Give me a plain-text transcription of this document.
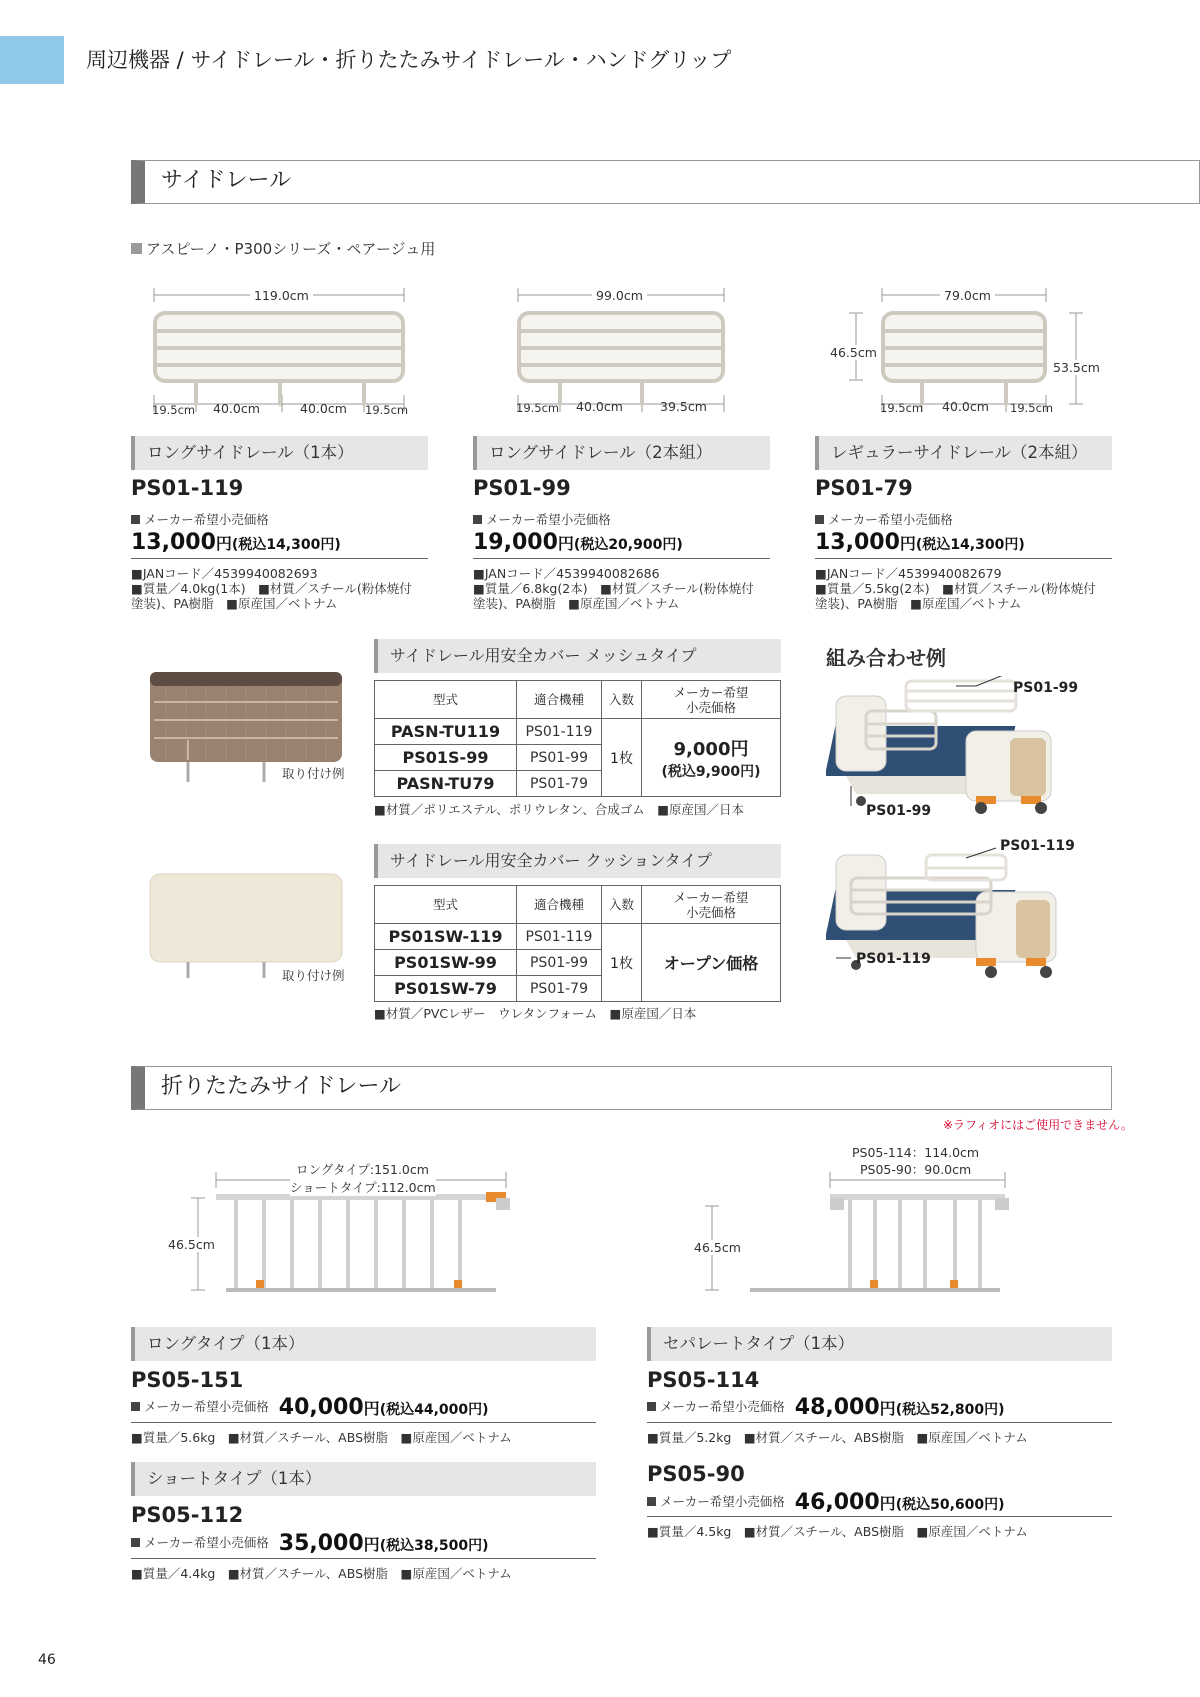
周辺機器 / サイドレール・折りたたみサイドレール・ハンドグリップ
サイドレール
アスピーノ・P300シリーズ・ペアージュ用
119.0cm
19.5cm 40.0cm	40.0cm 19.5cm
99.0cm
19.5cm 40.0cm	39.5cm
79.0cm
46.5cm
53.5cm
19.5cm 40.0cm 19.5cm
ロングサイドレール（1本）
PS01-119
メーカー希望小売価格
13,000円(税込14,300円)
■JANコード／4539940082693
■質量／4.0kg(1本)　■材質／スチール(粉体焼付
塗装)、PA樹脂　■原産国／ベトナム
ロングサイドレール（2本組）
PS01-99
メーカー希望小売価格
19,000円(税込20,900円)
■JANコード／4539940082686
■質量／6.8kg(2本)　■材質／スチール(粉体焼付
塗装)、PA樹脂　■原産国／ベトナム
レギュラーサイドレール（2本組）
PS01-79
メーカー希望小売価格
13,000円(税込14,300円)
■JANコード／4539940082679
■質量／5.5kg(2本)　■材質／スチール(粉体焼付
塗装)、PA樹脂　■原産国／ベトナム
取り付け例
サイドレール用安全カバー メッシュタイプ
型式	適合機種	入数	メーカー希望
小売価格

PASN-TU119	PS01-119	1枚	9,000円
(税込9,900円)

PS01S-99	PS01-99		
PASN-TU79	PS01-79		
■材質／ポリエステル、ポリウレタン、合成ゴム　■原産国／日本
取り付け例
サイドレール用安全カバー クッションタイプ
型式	適合機種	入数	メーカー希望
小売価格

PS01SW-119	PS01-119	1枚	オープン価格
PS01SW-99	PS01-99		
PS01SW-79	PS01-79		
■材質／PVCレザー　ウレタンフォーム　■原産国／日本
組み合わせ例
PS01-99
PS01-99
PS01-119
PS01-119
折りたたみサイドレール
※ラフィオにはご使用できません。
ロングタイプ:151.0cm
ショートタイプ:112.0cm
46.5cm
PS05-114：114.0cm
PS05-90：90.0cm
46.5cm
ロングタイプ（1本）
PS05-151
メーカー希望小売価格 40,000円(税込44,000円)
■質量／5.6kg　■材質／スチール、ABS樹脂　■原産国／ベトナム
ショートタイプ（1本）
PS05-112
メーカー希望小売価格 35,000円(税込38,500円)
■質量／4.4kg　■材質／スチール、ABS樹脂　■原産国／ベトナム
セパレートタイプ（1本）
PS05-114
メーカー希望小売価格 48,000円(税込52,800円)
■質量／5.2kg　■材質／スチール、ABS樹脂　■原産国／ベトナム
PS05-90
メーカー希望小売価格 46,000円(税込50,600円)
■質量／4.5kg　■材質／スチール、ABS樹脂　■原産国／ベトナム
46
